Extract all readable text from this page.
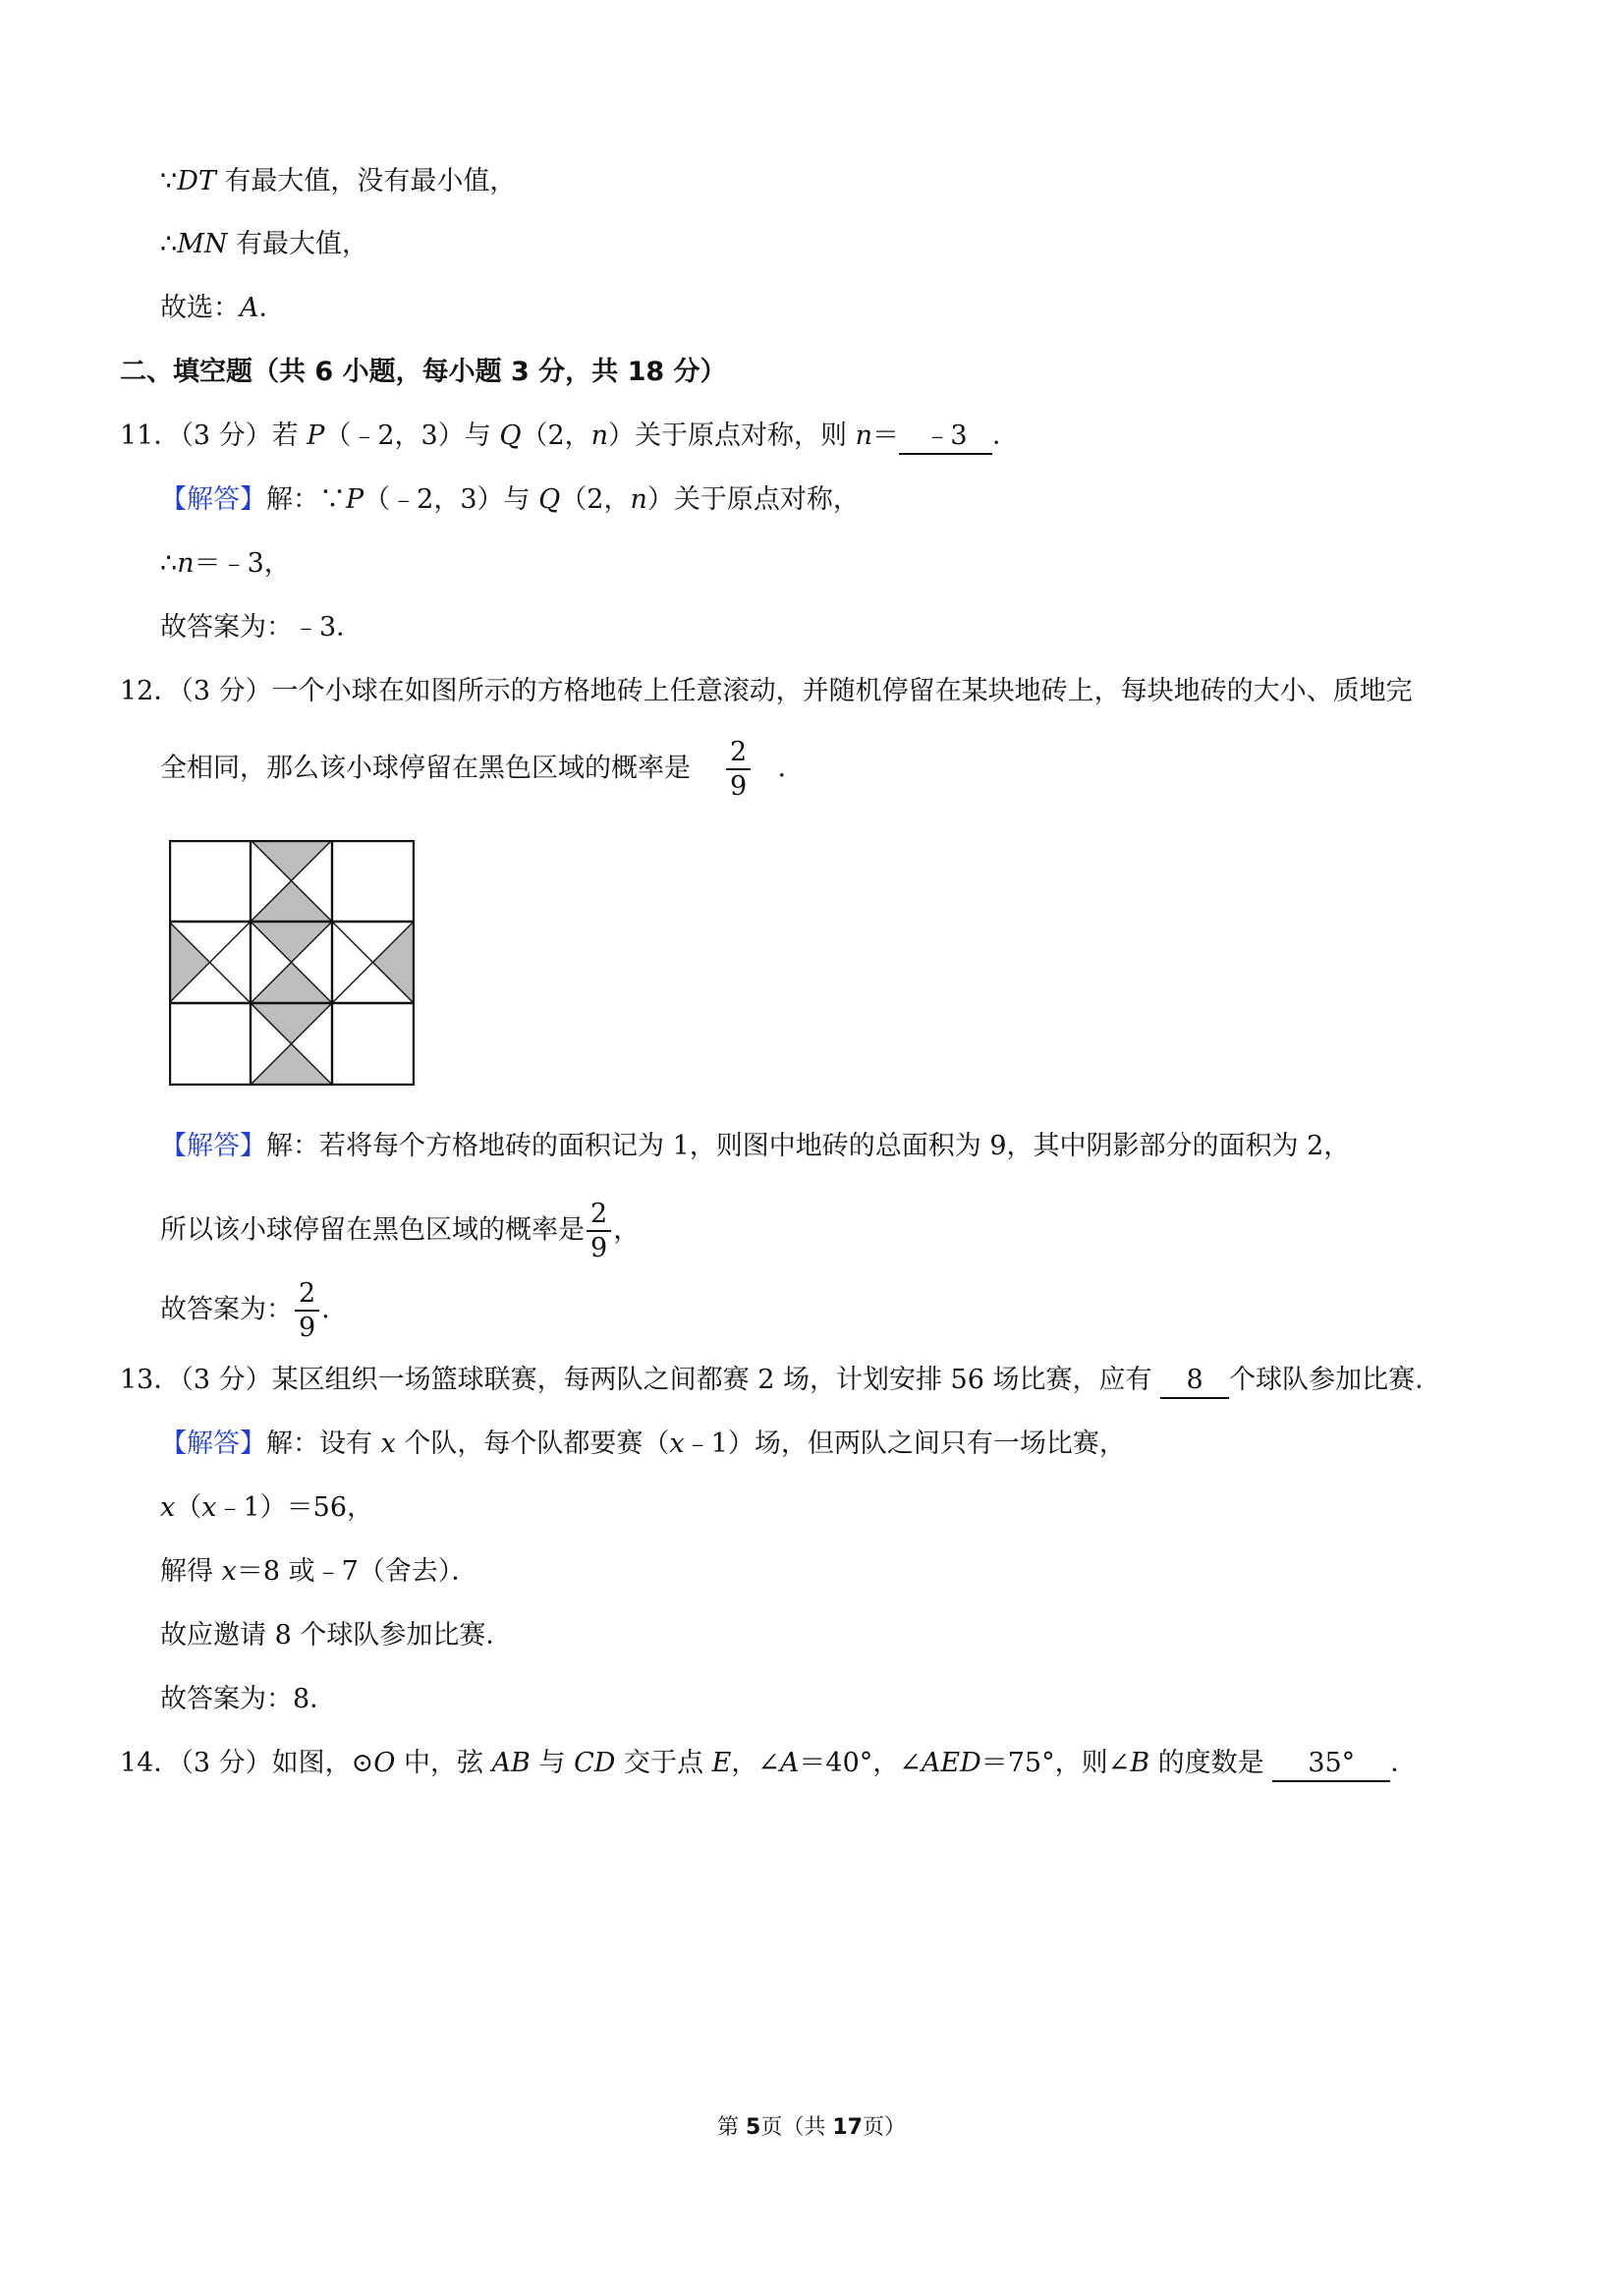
∵DT 有最大值，没有最小值，
∴MN 有最大值，
故选：A．
二、填空题（共 6 小题，每小题 3 分，共 18 分）
11．（3 分）若 P（﹣2，3）与 Q（2，n）关于原点对称，则 n＝ ﹣3 ．
【解答】解：∵P（﹣2，3）与 Q（2，n）关于原点对称，
∴n＝﹣3，
故答案为：﹣3．
12．（3 分）一个小球在如图所示的方格地砖上任意滚动，并随机停留在某块地砖上，每块地砖的大小、质地完
全相同，那么该小球停留在黑色区域的概率是 $\frac{2}{9}$ ．
【解答】解：若将每个方格地砖的面积记为 1，则图中地砖的总面积为 9，其中阴影部分的面积为 2，
所以该小球停留在黑色区域的概率是 $\frac{2}{9}$ ，
故答案为： $\frac{2}{9}$ ．
13．（3 分）某区组织一场篮球联赛，每两队之间都赛 2 场，计划安排 56 场比赛，应有 8 个球队参加比赛．
【解答】解：设有 x 个队，每个队都要赛（x﹣1）场，但两队之间只有一场比赛，
x（x﹣1）＝56，
解得 x＝8 或﹣7（舍去）．
故应邀请 8 个球队参加比赛．
故答案为：8．
14．（3 分）如图，⊙O 中，弦 AB 与 CD 交于点 E，∠A＝40°，∠AED＝75°，则∠B 的度数是 35° ．
第 5页（共 17页）
